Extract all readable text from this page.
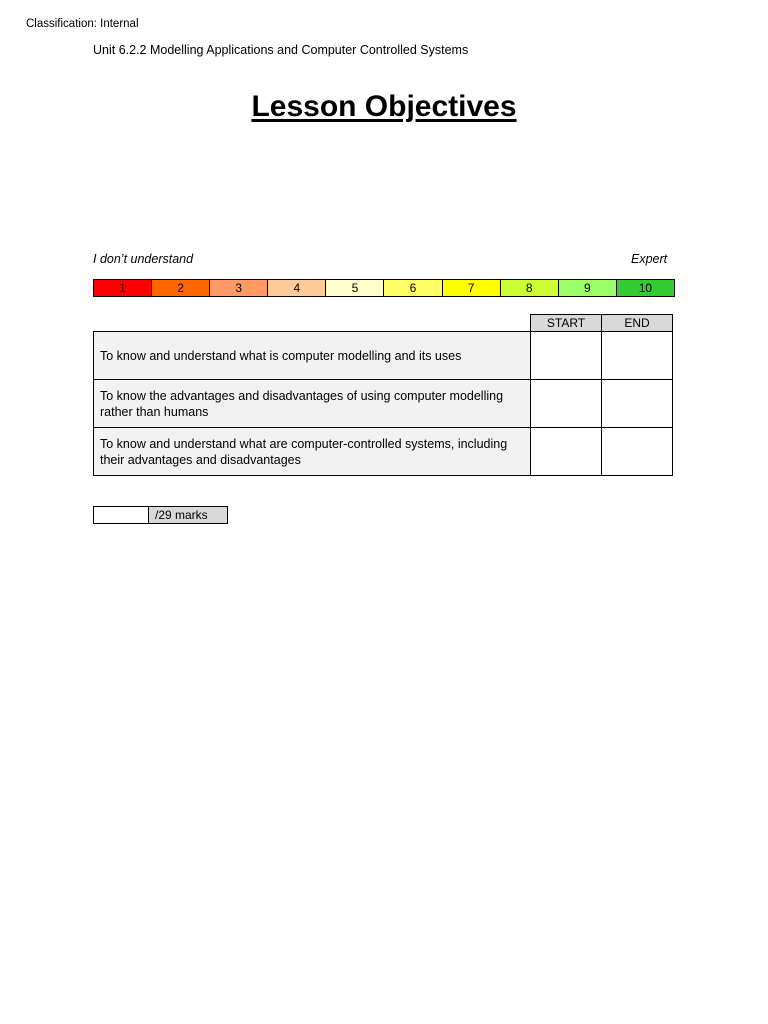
Classification: Internal
Unit 6.2.2 Modelling Applications and Computer Controlled Systems
Lesson Objectives
I don’t understand	Expert
1	2	3	4	5	6	7	8	9	10
	START	END
To know and understand what is computer modelling and its uses		
To know the advantages and disadvantages of using computer modelling rather than humans		
To know and understand what are computer-controlled systems, including their advantages and disadvantages		
/29 marks
